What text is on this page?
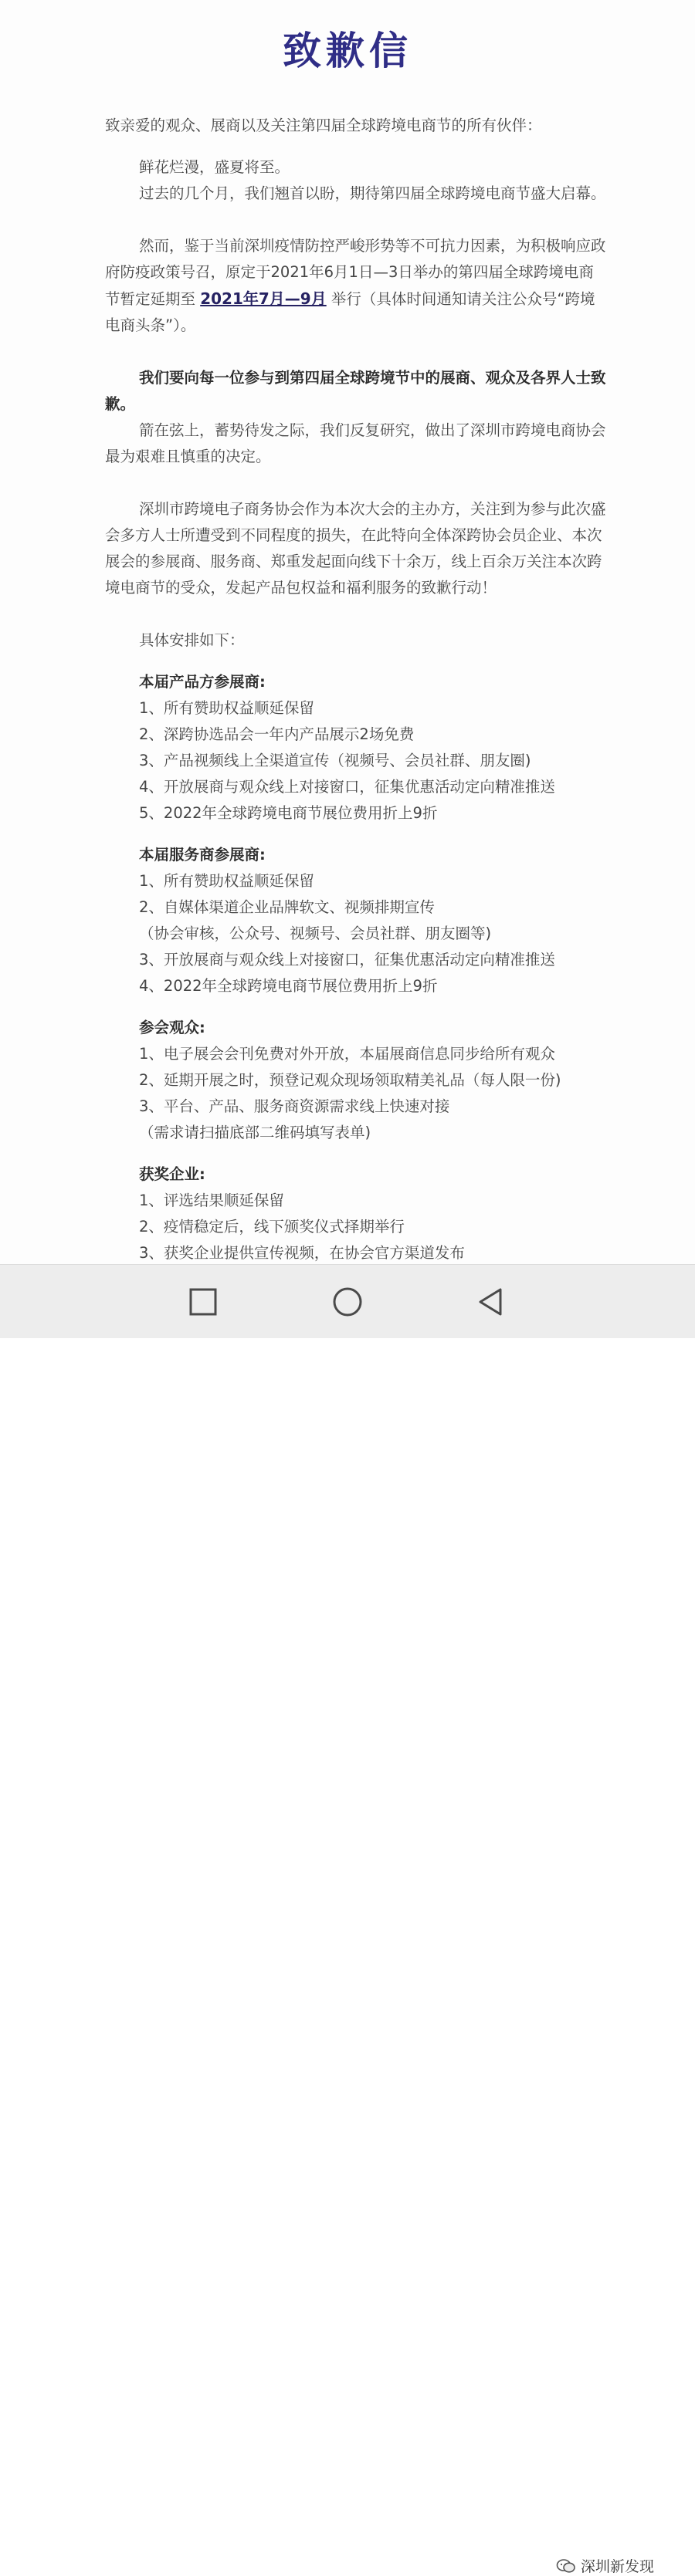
致歉信

致亲爱的观众、展商以及关注第四届全球跨境电商节的所有伙伴：

鲜花烂漫，盛夏将至。

过去的几个月，我们翘首以盼，期待第四届全球跨境电商节盛大启幕。

然而，鉴于当前深圳疫情防控严峻形势等不可抗力因素，为积极响应政府防疫政策号召，原定于2021年6月1日—3日举办的第四届全球跨境电商节暂定延期至 2021年7月—9月 举行（具体时间通知请关注公众号“跨境电商头条”）。

我们要向每一位参与到第四届全球跨境节中的展商、观众及各界人士致歉。

箭在弦上，蓄势待发之际，我们反复研究，做出了深圳市跨境电商协会最为艰难且慎重的决定。

深圳市跨境电子商务协会作为本次大会的主办方，关注到为参与此次盛会多方人士所遭受到不同程度的损失，在此特向全体深跨协会员企业、本次展会的参展商、服务商、郑重发起面向线下十余万，线上百余万关注本次跨境电商节的受众，发起产品包权益和福利服务的致歉行动！

具体安排如下：

本届产品方参展商:

1、所有赞助权益顺延保留

2、深跨协选品会一年内产品展示2场免费

3、产品视频线上全渠道宣传（视频号、会员社群、朋友圈)

4、开放展商与观众线上对接窗口，征集优惠活动定向精准推送

5、2022年全球跨境电商节展位费用折上9折

本届服务商参展商:

1、所有赞助权益顺延保留

2、自媒体渠道企业品牌软文、视频排期宣传

（协会审核，公众号、视频号、会员社群、朋友圈等)

3、开放展商与观众线上对接窗口，征集优惠活动定向精准推送

4、2022年全球跨境电商节展位费用折上9折

参会观众:

1、电子展会会刊免费对外开放，本届展商信息同步给所有观众

2、延期开展之时，预登记观众现场领取精美礼品（每人限一份)

3、平台、产品、服务商资源需求线上快速对接

（需求请扫描底部二维码填写表单)

获奖企业:

1、评选结果顺延保留

2、疫情稳定后，线下颁奖仪式择期举行

3、获奖企业提供宣传视频，在协会官方渠道发布

深圳新发现
